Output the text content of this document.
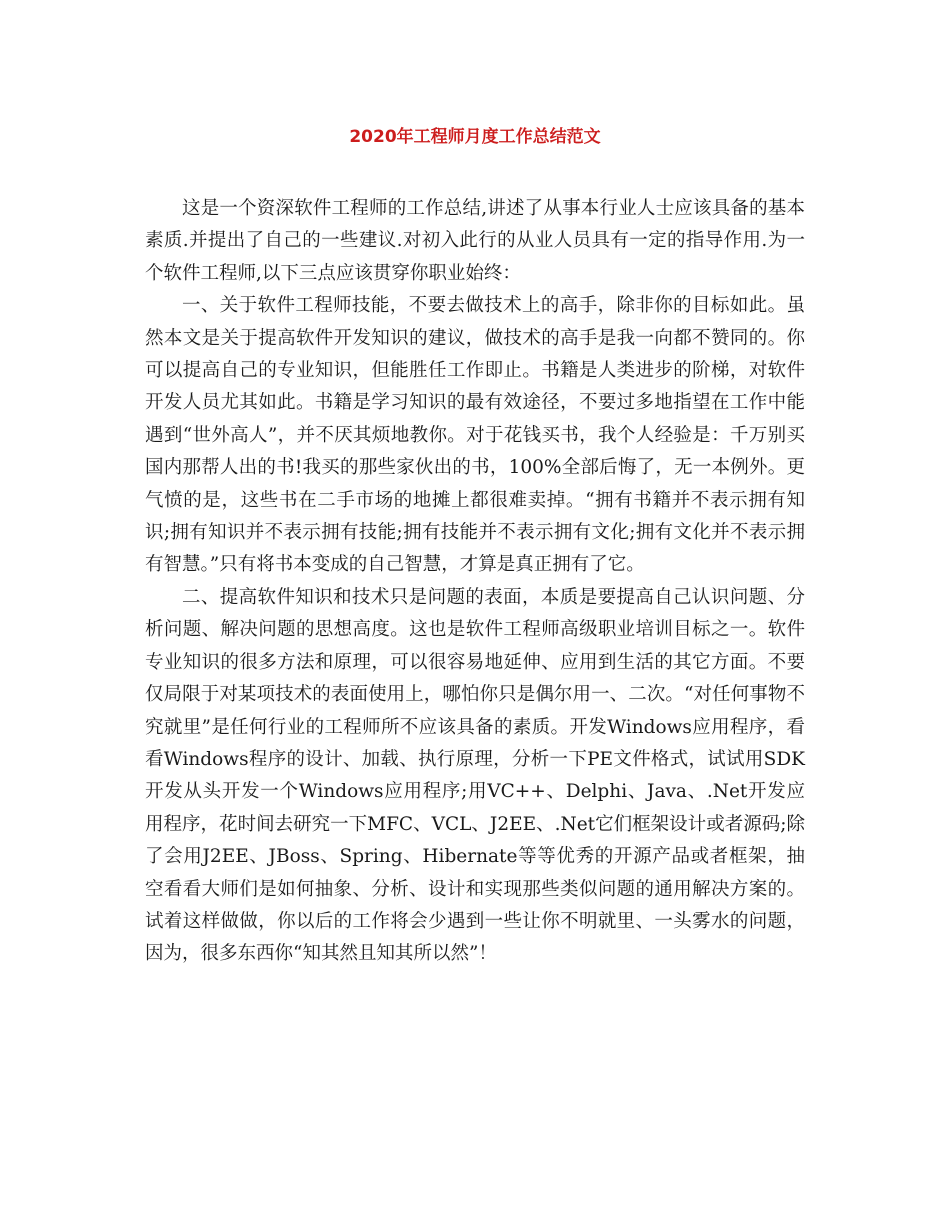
2020年工程师月度工作总结范文

这是一个资深软件工程师的工作总结,讲述了从事本行业人士应该具备的基本素质.并提出了自己的一些建议.对初入此行的从业人员具有一定的指导作用.为一个软件工程师,以下三点应该贯穿你职业始终：

一、关于软件工程师技能，不要去做技术上的高手，除非你的目标如此。虽然本文是关于提高软件开发知识的建议，做技术的高手是我一向都不赞同的。你可以提高自己的专业知识，但能胜任工作即止。书籍是人类进步的阶梯，对软件开发人员尤其如此。书籍是学习知识的最有效途径，不要过多地指望在工作中能遇到“世外高人”，并不厌其烦地教你。对于花钱买书，我个人经验是：千万别买国内那帮人出的书!我买的那些家伙出的书，100%全部后悔了，无一本例外。更气愤的是，这些书在二手市场的地摊上都很难卖掉。“拥有书籍并不表示拥有知识;拥有知识并不表示拥有技能;拥有技能并不表示拥有文化;拥有文化并不表示拥有智慧。”只有将书本变成的自己智慧，才算是真正拥有了它。

二、提高软件知识和技术只是问题的表面，本质是要提高自己认识问题、分析问题、解决问题的思想高度。这也是软件工程师高级职业培训目标之一。软件专业知识的很多方法和原理，可以很容易地延伸、应用到生活的其它方面。不要仅局限于对某项技术的表面使用上，哪怕你只是偶尔用一、二次。“对任何事物不究就里”是任何行业的工程师所不应该具备的素质。开发Windows应用程序，看看Windows程序的设计、加载、执行原理，分析一下PE文件格式，试试用SDK开发从头开发一个Windows应用程序;用VC++、Delphi、Java、.Net开发应用程序，花时间去研究一下MFC、VCL、J2EE、.Net它们框架设计或者源码;除了会用J2EE、JBoss、Spring、Hibernate等等优秀的开源产品或者框架，抽空看看大师们是如何抽象、分析、设计和实现那些类似问题的通用解决方案的。试着这样做做，你以后的工作将会少遇到一些让你不明就里、一头雾水的问题，因为，很多东西你“知其然且知其所以然”！
